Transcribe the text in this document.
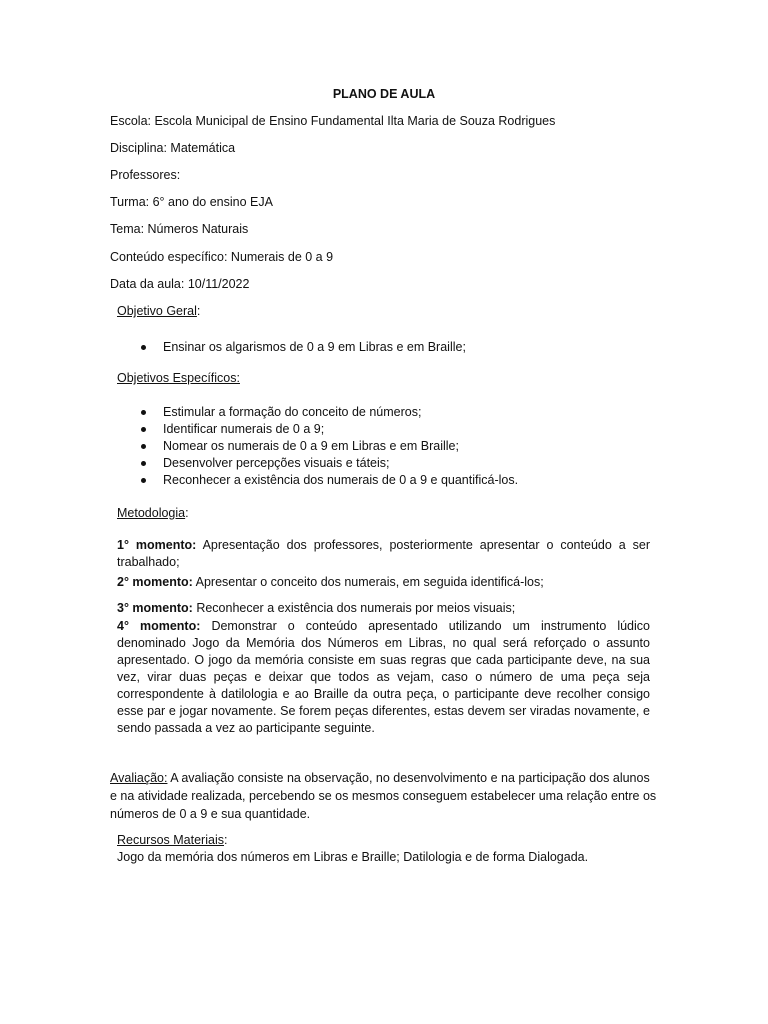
PLANO DE AULA
Escola: Escola Municipal de Ensino Fundamental Ilta Maria de Souza Rodrigues
Disciplina: Matemática
Professores:
Turma: 6° ano do ensino EJA
Tema: Números Naturais
Conteúdo específico: Numerais de 0 a 9
Data da aula: 10/11/2022
Objetivo Geral:
Ensinar os algarismos de 0 a 9 em Libras e em Braille;
Objetivos Específicos:
Estimular a formação do conceito de números;
Identificar numerais de 0 a 9;
Nomear os numerais de 0 a 9 em Libras e em Braille;
Desenvolver percepções visuais e táteis;
Reconhecer a existência dos numerais de 0 a 9 e quantificá-los.
Metodologia:
1° momento: Apresentação dos professores, posteriormente apresentar o conteúdo a ser trabalhado;
2° momento: Apresentar o conceito dos numerais, em seguida identificá-los;
3° momento: Reconhecer a existência dos numerais por meios visuais;
4° momento: Demonstrar o conteúdo apresentado utilizando um instrumento lúdico denominado Jogo da Memória dos Números em Libras, no qual será reforçado o assunto apresentado. O jogo da memória consiste em suas regras que cada participante deve, na sua vez, virar duas peças e deixar que todos as vejam, caso o número de uma peça seja correspondente à datilologia e ao Braille da outra peça, o participante deve recolher consigo esse par e jogar novamente. Se forem peças diferentes, estas devem ser viradas novamente, e sendo passada a vez ao participante seguinte.
Avaliação: A avaliação consiste na observação, no desenvolvimento e na participação dos alunos e na atividade realizada, percebendo se os mesmos conseguem estabelecer uma relação entre os números de 0 a 9 e sua quantidade.
Recursos Materiais:
Jogo da memória dos números em Libras e Braille; Datilologia e de forma Dialogada.
